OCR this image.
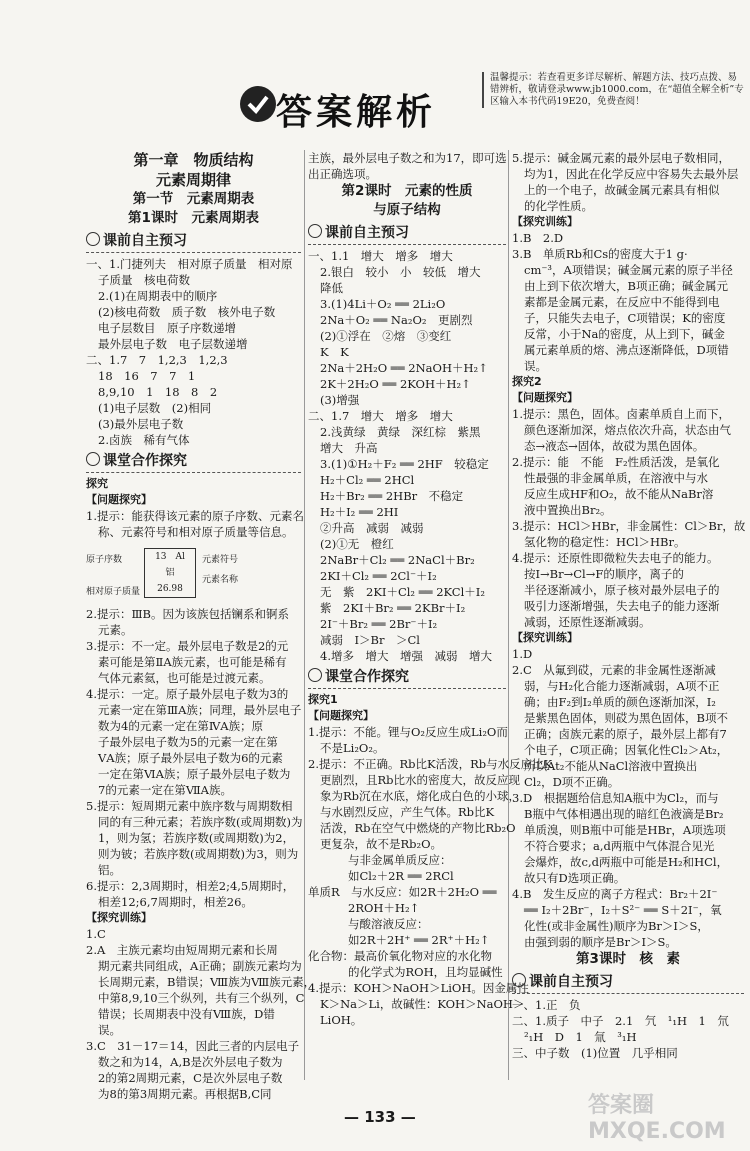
答案解析
温馨提示：若查看更多详尽解析、解题方法、技巧点拨、易错辨析，敬请登录www.jb1000.com，在“超值全解全析”专区输入本书代码19E20，免费查阅！
第一章　物质结构
元素周期律
第一节　元素周期表
第1课时　元素周期表
课前自主预习
一、1.门捷列夫　相对原子质量　相对原
子质量　核电荷数
2.(1)在周期表中的顺序
(2)核电荷数　质子数　核外电子数
电子层数目　原子序数递增
最外层电子数　电子层数递增
二、1.7　7　1,2,3　1,2,3
18　16　7　7　1
8,9,10　1　18　8　2
(1)电子层数　(2)相同
(3)最外层电子数
2.卤族　稀有气体
课堂合作探究
探究
【问题探究】
1.提示：能获得该元素的原子序数、元素名
称、元素符号和相对原子质量等信息。
原子序数
相对原子质量
13　Al
铝
26.98
元素符号
元素名称
2.提示：ⅢB。因为该族包括镧系和锕系
元素。
3.提示：不一定。最外层电子数是2的元
素可能是第ⅡA族元素，也可能是稀有
气体元素氦，也可能是过渡元素。
4.提示：一定。原子最外层电子数为3的
元素一定在第ⅢA族；同理，最外层电子
数为4的元素一定在第ⅣA族；原
子最外层电子数为5的元素一定在第
ⅤA族；原子最外层电子数为6的元素
一定在第ⅥA族；原子最外层电子数为
7的元素一定在第ⅦA族。
5.提示：短周期元素中族序数与周期数相
同的有三种元素；若族序数(或周期数)为
1，则为氢；若族序数(或周期数)为2，
则为铍；若族序数(或周期数)为3，则为
铝。
6.提示：2,3周期时，相差2;4,5周期时，
相差12;6,7周期时，相差26。
【探究训练】
1.C
2.A　主族元素均由短周期元素和长周
期元素共同组成，A正确；副族元素均为
长周期元素，B错误；Ⅷ族为Ⅷ族元素，
中第8,9,10三个纵列，共有三个纵列，C
错误；长周期表中没有Ⅷ族，D错
误。
3.C　31－17＝14，因此三者的内层电子
数之和为14，A,B是次外层电子数为
2的第2周期元素，C是次外层电子数
为8的第3周期元素。再根据B,C同
主族，最外层电子数之和为17，即可选
出正确选项。
第2课时　元素的性质
与原子结构
课前自主预习
一、1.1　增大　增多　增大
2.银白　较小　小　较低　增大
降低
3.(1)4Li＋O₂ ══ 2Li₂O
2Na＋O₂ ══ Na₂O₂　更剧烈
(2)①浮在　②熔　③变红
K　K
2Na＋2H₂O ══ 2NaOH＋H₂↑
2K＋2H₂O ══ 2KOH＋H₂↑
(3)增强
二、1.7　增大　增多　增大
2.浅黄绿　黄绿　深红棕　紫黑
增大　升高
3.(1)①H₂＋F₂ ══ 2HF　较稳定
H₂＋Cl₂ ══ 2HCl
H₂＋Br₂ ══ 2HBr　不稳定
H₂＋I₂ ══ 2HI
②升高　减弱　减弱
(2)①无　橙红
2NaBr＋Cl₂ ══ 2NaCl＋Br₂
2KI＋Cl₂ ══ 2Cl⁻＋I₂
无　紫　2KI＋Cl₂ ══ 2KCl＋I₂
紫　2KI＋Br₂ ══ 2KBr＋I₂
2I⁻＋Br₂ ══ 2Br⁻＋I₂
减弱　I＞Br　＞Cl
4.增多　增大　增强　减弱　增大
课堂合作探究
探究1
【问题探究】
1.提示：不能。锂与O₂反应生成Li₂O而
不是Li₂O₂。
2.提示：不正确。Rb比K活泼，Rb与水反应比K
更剧烈，且Rb比水的密度大，故反应现
象为Rb沉在水底，熔化成白色的小球，
与水剧烈反应，产生气体。Rb比K
活泼，Rb在空气中燃烧的产物比Rb₂O
更复杂，故不是Rb₂O。
与非金属单质反应：
如Cl₂＋2R ══ 2RCl
单质R　与水反应：如2R＋2H₂O ══
2ROH＋H₂↑
与酸溶液反应：
如2R＋2H⁺ ══ 2R⁺＋H₂↑
化合物：最高价氧化物对应的水化物
的化学式为ROH，且均显碱性
4.提示：KOH＞NaOH＞LiOH。因金属性
K＞Na＞Li，故碱性：KOH＞NaOH＞
LiOH。
5.提示：碱金属元素的最外层电子数相同，
均为1，因此在化学反应中容易失去最外层
上的一个电子，故碱金属元素具有相似
的化学性质。
【探究训练】
1.B　2.D
3.B　单质Rb和Cs的密度大于1 g·
cm⁻³，A项错误；碱金属元素的原子半径
由上到下依次增大，B项正确；碱金属元
素都是金属元素，在反应中不能得到电
子，只能失去电子，C项错误；K的密度
反常，小于Na的密度，从上到下，碱金
属元素单质的熔、沸点逐渐降低，D项错
误。
探究2
【问题探究】
1.提示：黑色，固体。卤素单质自上而下，
颜色逐渐加深，熔点依次升高，状态由气
态→液态→固体，故砹为黑色固体。
2.提示：能　不能　F₂性质活泼，是氧化
性最强的非金属单质，在溶液中与水
反应生成HF和O₂，故不能从NaBr溶
液中置换出Br₂。
3.提示：HCl＞HBr，非金属性：Cl＞Br，故
氢化物的稳定性：HCl＞HBr。
4.提示：还原性即微粒失去电子的能力。
按I→Br→Cl→F的顺序，离子的
半径逐渐减小，原子核对最外层电子的
吸引力逐渐增强，失去电子的能力逐渐
减弱，还原性逐渐减弱。
【探究训练】
1.D
2.C　从氟到砹，元素的非金属性逐渐减
弱，与H₂化合能力逐渐减弱，A项不正
确；由F₂到I₂单质的颜色逐渐加深，I₂
是紫黑色固体，则砹为黑色固体，B项不
正确；卤族元素的原子，最外层上都有7
个电子，C项正确；因氧化性Cl₂＞At₂，
所以At₂不能从NaCl溶液中置换出
Cl₂，D项不正确。
3.D　根据题给信息知A瓶中为Cl₂，而与
B瓶中气体相遇出现的暗红色液滴是Br₂
单质溴，则B瓶中可能是HBr，A项选项
不符合要求；a,d两瓶中气体混合见光
会爆炸，故c,d两瓶中可能是H₂和HCl，
故只有D选项正确。
4.B　发生反应的离子方程式：Br₂＋2I⁻
══ I₂＋2Br⁻，I₂＋S²⁻ ══ S＋2I⁻，氧
化性(或非金属性)顺序为Br＞I＞S，
由强到弱的顺序是Br＞I＞S。
第3课时　核　素
课前自主预习
一、1.正　负
二、1.质子　中子　2.1　氕　¹₁H　1　氘
²₁H　D　1　氚　³₁H
三、中子数　(1)位置　几乎相同
— 133 —	答案圈 MXQE.COM
